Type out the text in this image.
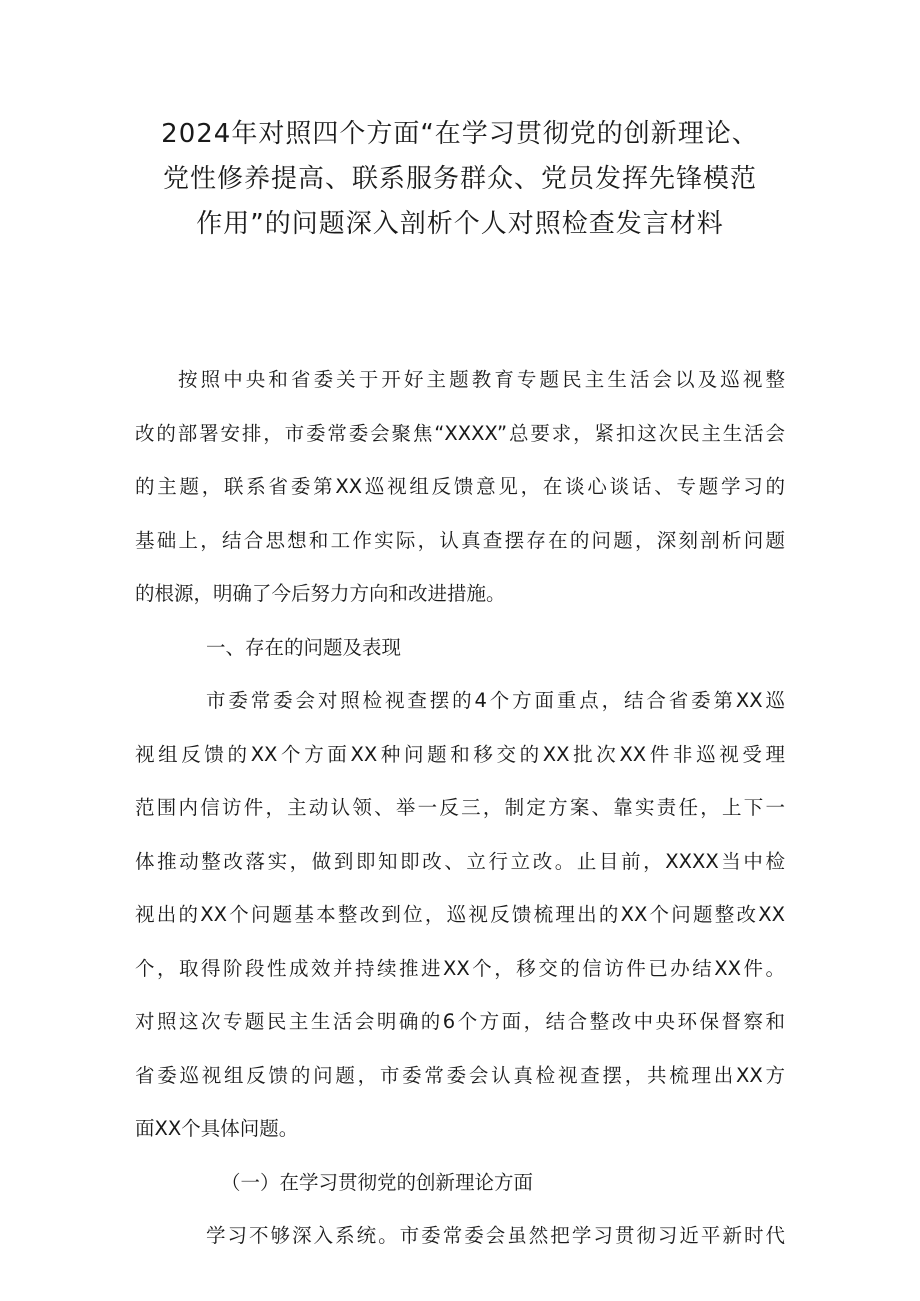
2024年对照四个方面“在学习贯彻党的创新理论、
党性修养提高、联系服务群众、党员发挥先锋模范
作用”的问题深入剖析个人对照检查发言材料
按照中央和省委关于开好主题教育专题民主生活会以及巡视整
改的部署安排，市委常委会聚焦“XXXX”总要求，紧扣这次民主生活会
的主题，联系省委第XX巡视组反馈意见，在谈心谈话、专题学习的
基础上，结合思想和工作实际，认真查摆存在的问题，深刻剖析问题
的根源，明确了今后努力方向和改进措施。
一、存在的问题及表现
市委常委会对照检视查摆的4个方面重点，结合省委第XX巡
视组反馈的XX个方面XX种问题和移交的XX批次XX件非巡视受理
范围内信访件，主动认领、举一反三，制定方案、靠实责任，上下一
体推动整改落实，做到即知即改、立行立改。止目前，XXXX当中检
视出的XX个问题基本整改到位，巡视反馈梳理出的XX个问题整改XX
个，取得阶段性成效并持续推进XX个，移交的信访件已办结XX件。
对照这次专题民主生活会明确的6个方面，结合整改中央环保督察和
省委巡视组反馈的问题，市委常委会认真检视查摆，共梳理出XX方
面XX个具体问题。
（一）在学习贯彻党的创新理论方面
学习不够深入系统。市委常委会虽然把学习贯彻习近平新时代
